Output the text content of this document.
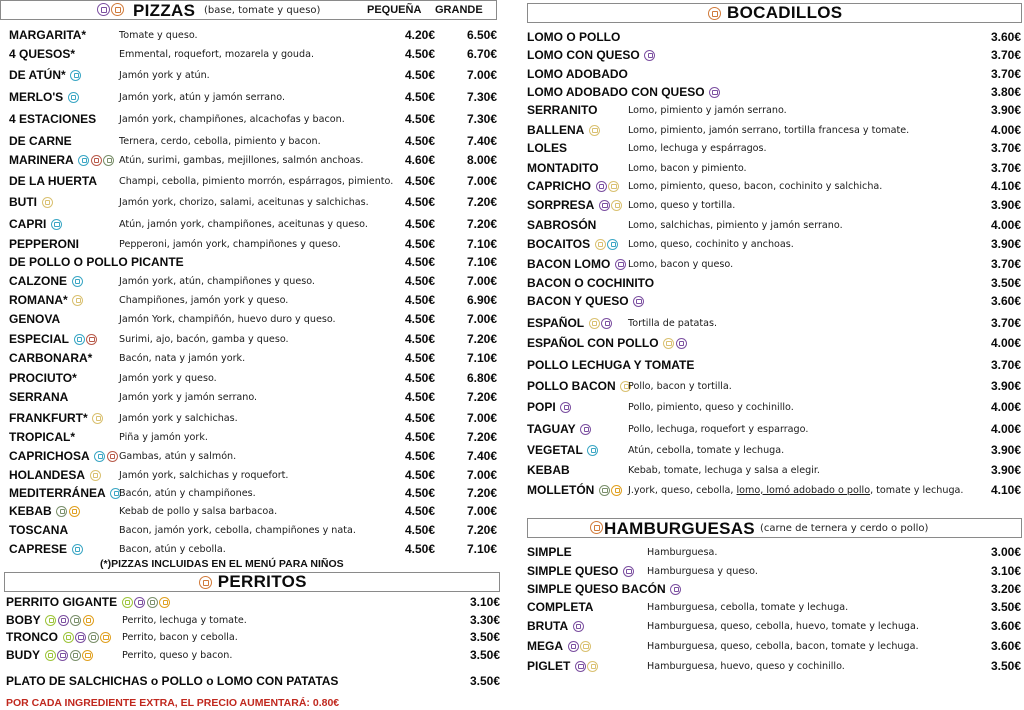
PIZZAS (base, tomate y queso)	PEQUEÑA GRANDE
MARGARITA*	Tomate y queso.	4.20€	6.50€
4 QUESOS*	Emmental, roquefort, mozarela y gouda.	4.50€	6.70€
DE ATÚN*	Jamón york y atún.	4.50€	7.00€
MERLO'S	Jamón york, atún y jamón serrano.	4.50€	7.30€
4 ESTACIONES Jamón york, champiñones, alcachofas y bacon.	4.50€	7.30€
DE CARNE	Ternera, cerdo, cebolla, pimiento y bacon.	4.50€	7.40€
MARINERA	Atún, surimi, gambas, mejillones, salmón anchoas.	4.60€	8.00€
DE LA HUERTA Champi, cebolla, pimiento morrón, espárragos, pimiento. 4.50€	7.00€
BUTI	Jamón york, chorizo, salami, aceitunas y salchichas.	4.50€	7.20€
CAPRI	Atún, jamón york, champiñones, aceitunas y queso.	4.50€	7.20€
PEPPERONI	Pepperoni, jamón york, champiñones y queso.	4.50€	7.10€
DE POLLO O POLLO PICANTE	4.50€	7.10€
CALZONE	Jamón york, atún, champiñones y queso.	4.50€	7.00€
ROMANA*	Champiñones, jamón york y queso.	4.50€	6.90€
GENOVA	Jamón York, champiñón, huevo duro y queso.	4.50€	7.00€
ESPECIAL	Surimi, ajo, bacón, gamba y queso.	4.50€	7.20€
CARBONARA*	Bacón, nata y jamón york.	4.50€	7.10€
PROCIUTO*	Jamón york y queso.	4.50€	6.80€
SERRANA	Jamón york y jamón serrano.	4.50€	7.20€
FRANKFURT*	Jamón york y salchichas.	4.50€	7.00€
TROPICAL*	Piña y jamón york.	4.50€	7.20€
CAPRICHOSA	Gambas, atún y salmón.	4.50€	7.40€
HOLANDESA	Jamón york, salchichas y roquefort.	4.50€	7.00€
MEDITERRÁNEA Bacón, atún y champiñones.	4.50€	7.20€
KEBAB	Kebab de pollo y salsa barbacoa.	4.50€	7.00€
TOSCANA	Bacon, jamón york, cebolla, champiñones y nata.	4.50€	7.20€
CAPRESE	Bacon, atún y cebolla.	4.50€	7.10€
(*)PIZZAS INCLUIDAS EN EL MENÚ PARA NIÑOS
PERRITOS
PERRITO GIGANTE	3.10€
BOBY	Perrito, lechuga y tomate.	3.30€
TRONCO	Perrito, bacon y cebolla.	3.50€
BUDY	Perrito, queso y bacon.	3.50€
PLATO DE SALCHICHAS o POLLO o LOMO CON PATATAS	3.50€
POR CADA INGREDIENTE EXTRA, EL PRECIO AUMENTARÁ: 0.80€
BOCADILLOS
LOMO O POLLO	3.60€
LOMO CON QUESO	3.70€
LOMO ADOBADO	3.70€
LOMO ADOBADO CON QUESO	3.80€
SERRANITO	Lomo, pimiento y jamón serrano.	3.90€
BALLENA	Lomo, pimiento, jamón serrano, tortilla francesa y tomate.	4.00€
LOLES	Lomo, lechuga y espárragos.	3.70€
MONTADITO	Lomo, bacon y pimiento.	3.70€
CAPRICHO	Lomo, pimiento, queso, bacon, cochinito y salchicha.	4.10€
SORPRESA	Lomo, queso y tortilla.	3.90€
SABROSÓN	Lomo, salchichas, pimiento y jamón serrano.	4.00€
BOCAITOS	Lomo, queso, cochinito y anchoas.	3.90€
BACON LOMO Lomo, bacon y queso.	3.70€
BACON O COCHINITO	3.50€
BACON Y QUESO	3.60€
ESPAÑOL	Tortilla de patatas.	3.70€
ESPAÑOL CON POLLO	4.00€
POLLO LECHUGA Y TOMATE	3.70€
POLLO BACON Pollo, bacon y tortilla.	3.90€
POPI	Pollo, pimiento, queso y cochinillo.	4.00€
TAGUAY	Pollo, lechuga, roquefort y esparrago.	4.00€
VEGETAL	Atún, cebolla, tomate y lechuga.	3.90€
KEBAB	Kebab, tomate, lechuga y salsa a elegir.	3.90€
MOLLETÓN	J.york, queso, cebolla, lomo, lomó adobado o pollo, tomate y lechuga. 4.10€
HAMBURGUESAS (carne de ternera y cerdo o pollo)
SIMPLE	Hamburguesa.	3.00€
SIMPLE QUESO	Hamburguesa y queso.	3.10€
SIMPLE QUESO BACÓN	3.20€
COMPLETA	Hamburguesa, cebolla, tomate y lechuga.	3.50€
BRUTA	Hamburguesa, queso, cebolla, huevo, tomate y lechuga.	3.60€
MEGA	Hamburguesa, queso, cebolla, bacon, tomate y lechuga.	3.60€
PIGLET	Hamburguesa, huevo, queso y cochinillo.	3.50€
